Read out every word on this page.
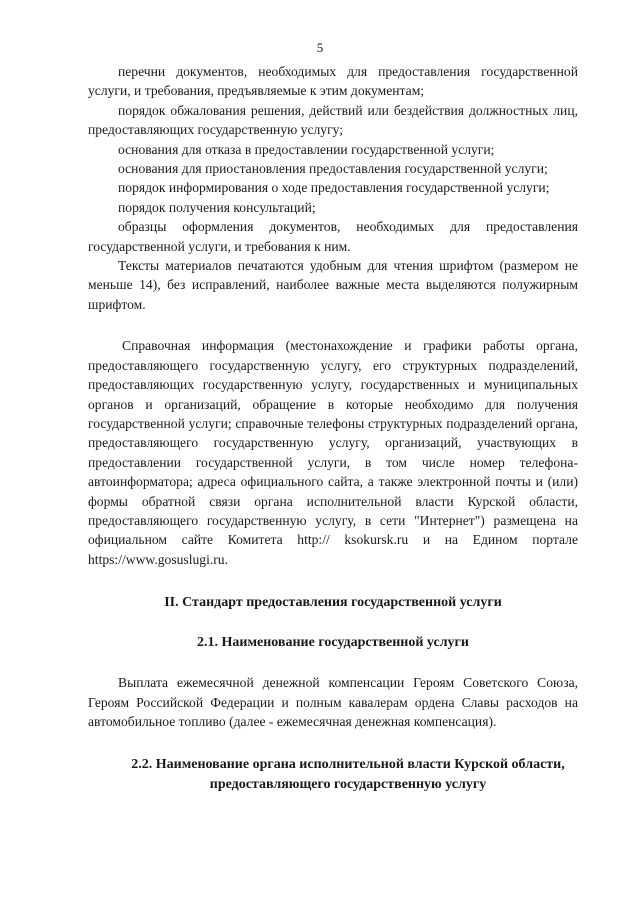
5

перечни документов, необходимых для предоставления государственной услуги, и требования, предъявляемые к этим документам;

порядок обжалования решения, действий или бездействия должностных лиц, предоставляющих государственную услугу;

основания для отказа в предоставлении государственной услуги;

основания для приостановления предоставления государственной услуги;

порядок информирования о ходе предоставления государственной услуги;

порядок получения консультаций;

образцы оформления документов, необходимых для предоставления государственной услуги, и требования к ним.

Тексты материалов печатаются удобным для чтения шрифтом (размером не меньше 14), без исправлений, наиболее важные места выделяются полужирным шрифтом.

Справочная информация (местонахождение и графики работы органа, предоставляющего государственную услугу, его структурных подразделений, предоставляющих государственную услугу, государственных и муниципальных органов и организаций, обращение в которые необходимо для получения государственной услуги; справочные телефоны структурных подразделений органа, предоставляющего государственную услугу, организаций, участвующих в предоставлении государственной услуги, в том числе номер телефона-автоинформатора; адреса официального сайта, а также электронной почты и (или) формы обратной связи органа исполнительной власти Курской области, предоставляющего государственную услугу, в сети "Интернет") размещена на официальном сайте Комитета http:// ksokursk.ru и на Едином портале https://www.gosuslugi.ru.

II. Стандарт предоставления государственной услуги
2.1. Наименование государственной услуги

Выплата ежемесячной денежной компенсации Героям Советского Союза, Героям Российской Федерации и полным кавалерам ордена Славы расходов на автомобильное топливо (далее - ежемесячная денежная компенсация).

2.2. Наименование органа исполнительной власти Курской области, предоставляющего государственную услугу
